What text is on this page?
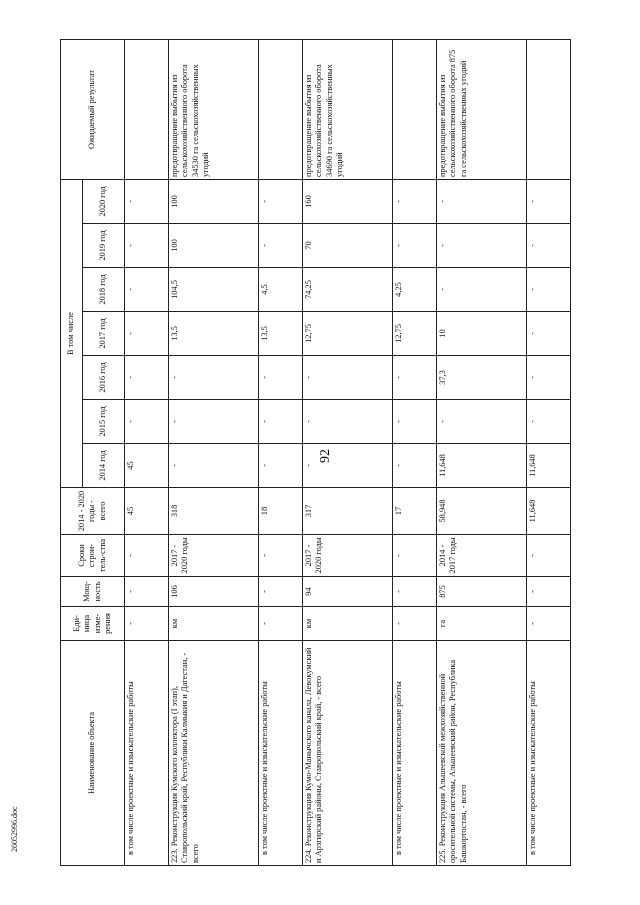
92
26052996.doc
Наименование объекта	Еди-ница изме-рения	Мощ-ность	Сроки строи-тель-ства	2014 - 2020 годы - всего	В том числе							Ожидаемый результат
					2014 год	2015 год	2016 год	2017 год	2018 год	2019 год	2020 год	
в том числе проектные и изыскательские работы	-	-	-	45	45	-	-	-	-	-	-	
223. Реконструкция Кумского коллектора (I этап), Ставропольский край, Республики Калмыкия и Дагестан, - всего	км	106	2017 - 2020 годы	318	-	-	-	13,5	104,5	100	100	предотвращение выбытия из сельскохозяйственного оборота 34530 га сельскохозяйственных угодий
в том числе проектные и изыскательские работы	-	-	-	18	-	-	-	13,5	4,5	-	-	
224. Реконструкция Кумо-Манычского канала, Левокумский и Арзгирский районы, Ставропольский край, - всего	км	94	2017 - 2020 годы	317	-	-	-	12,75	74,25	70	160	предотвращение выбытия из сельскохозяйственного оборота 34690 га сельскохозяйственных угодий
в том числе проектные и изыскательские работы	-	-	-	17	-	-	-	12,75	4,25	-	-	
225. Реконструкция Альшеевской межхозяйственной оросительной системы, Альшеевский район, Республика Башкортостан, - всего	га	875	2014 - 2017 годы	58,948	11,648	-	37,3	10	-	-	-	предотвращение выбытия из сельскохозяйственного оборота 875 га сельскохозяйственных угодий
в том числе проектные и изыскательские работы	-	-	-	11,648	11,648	-	-	-	-	-	-	
